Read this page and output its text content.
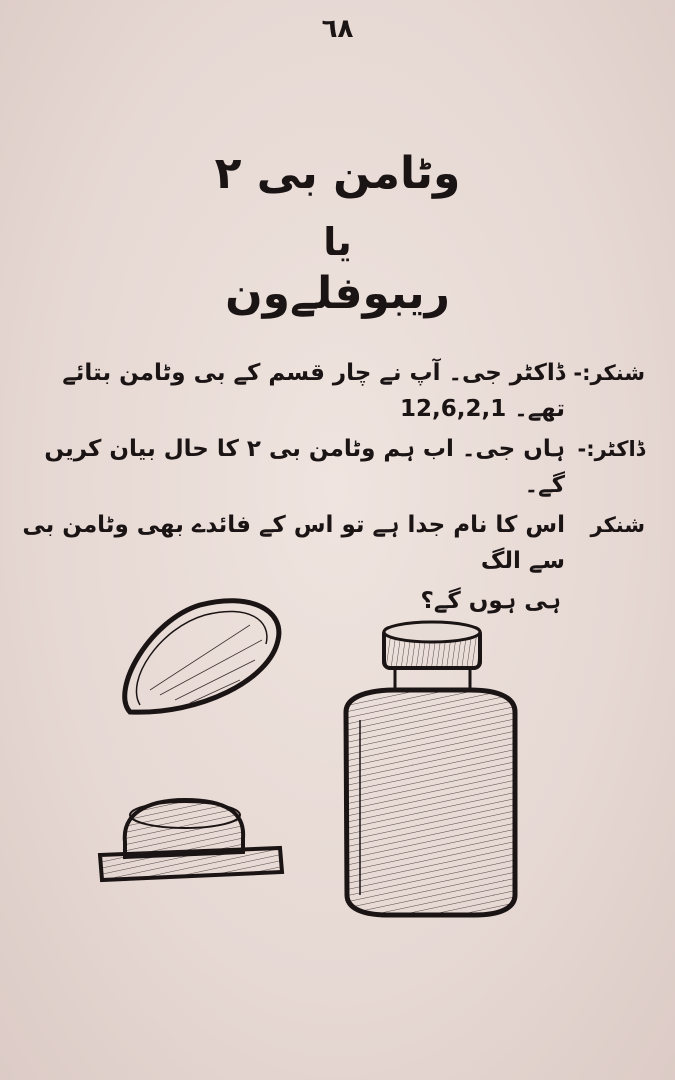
٦٨
وٹامن بی ۲
یا
ریبوفلےون
شنکر:-
ڈاکٹر جی۔ آپ نے چار قسم کے بی وٹامن بتائے تھے۔ 12,6,2,1
ڈاکٹر:-
ہاں جی۔ اب ہم وٹامن بی ۲ کا حال بیان کریں گے۔
شنکر
اس کا نام جدا ہے تو اس کے فائدے بھی وٹامن بی سے الگ
ہی ہوں گے؟
